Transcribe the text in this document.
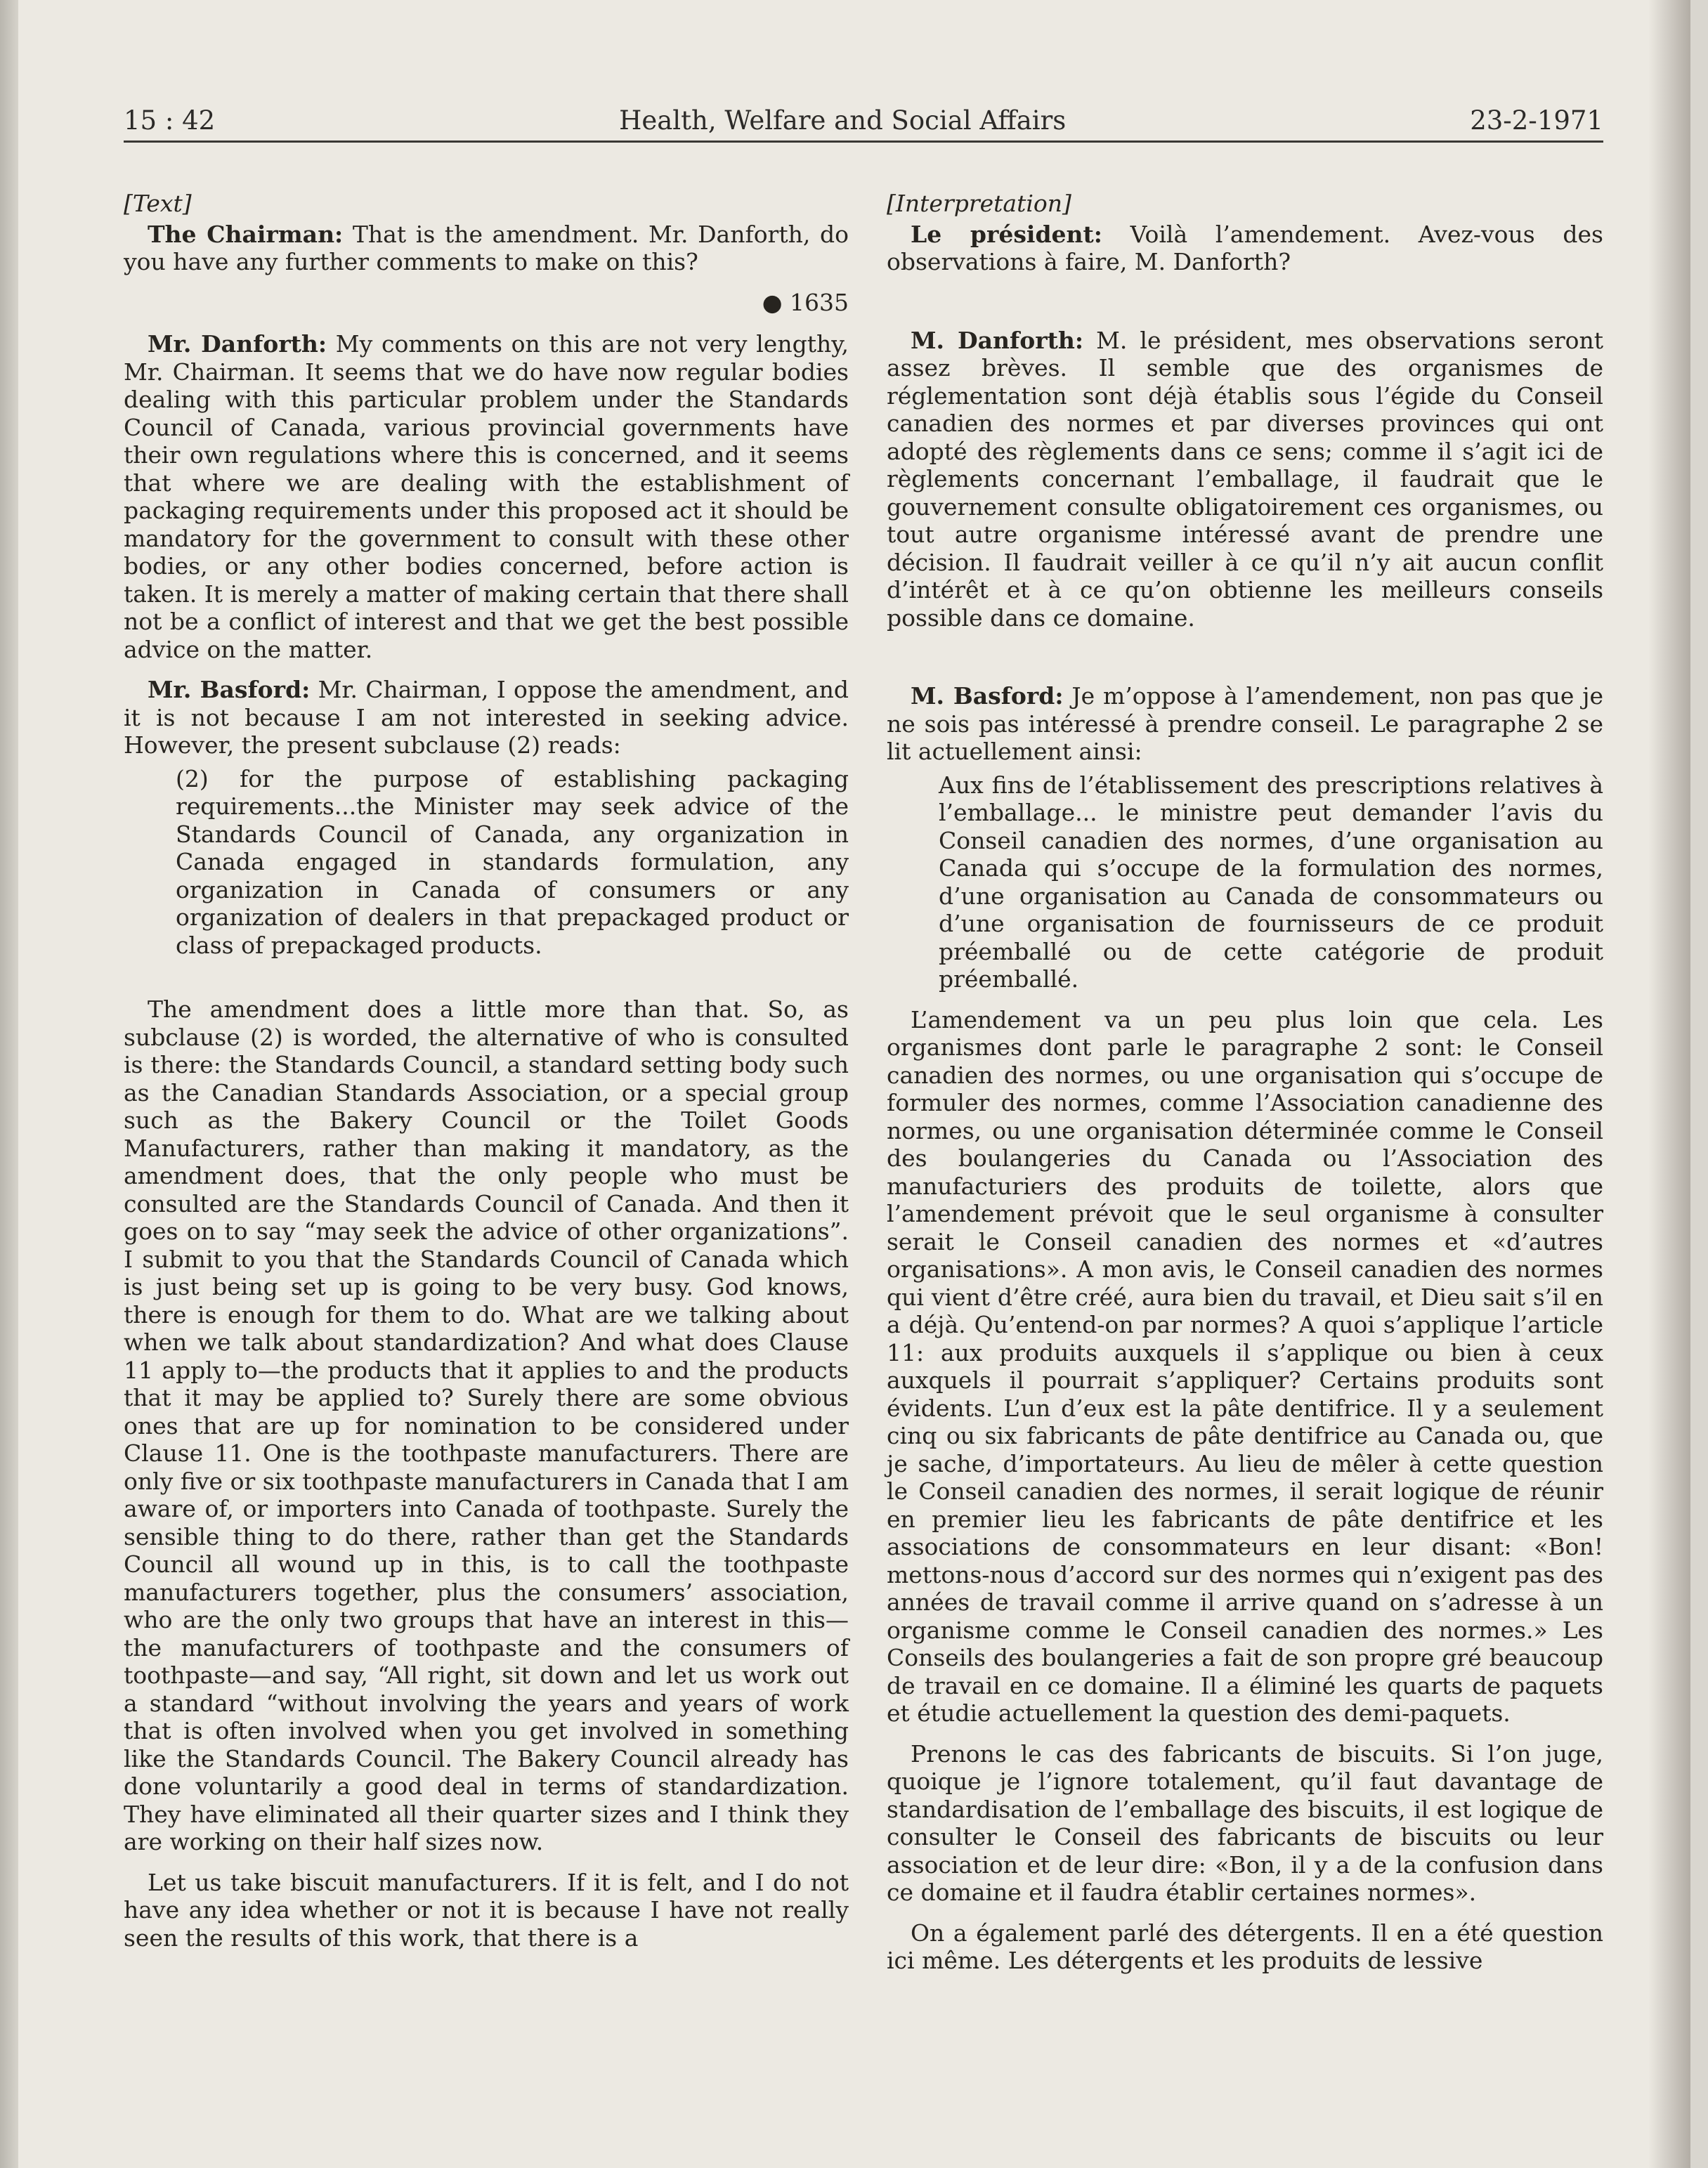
15 : 42	Health, Welfare and Social Affairs	23-2-1971
[Text]

The Chairman: That is the amendment. Mr. Danforth, do you have any further comments to make on this?

● 1635

Mr. Danforth: My comments on this are not very lengthy, Mr. Chairman. It seems that we do have now regular bodies dealing with this particular problem under the Standards Council of Canada, various provincial governments have their own regulations where this is concerned, and it seems that where we are dealing with the establishment of packaging requirements under this proposed act it should be mandatory for the government to consult with these other bodies, or any other bodies concerned, before action is taken. It is merely a matter of making certain that there shall not be a conflict of interest and that we get the best possible advice on the matter.

Mr. Basford: Mr. Chairman, I oppose the amendment, and it is not because I am not interested in seeking advice. However, the present subclause (2) reads:

(2) for the purpose of establishing packaging requirements...the Minister may seek advice of the Standards Council of Canada, any organization in Canada engaged in standards formulation, any organization in Canada of consumers or any organization of dealers in that prepackaged product or class of prepackaged products.

The amendment does a little more than that. So, as subclause (2) is worded, the alternative of who is consulted is there: the Standards Council, a standard setting body such as the Canadian Standards Association, or a special group such as the Bakery Council or the Toilet Goods Manufacturers, rather than making it mandatory, as the amendment does, that the only people who must be consulted are the Standards Council of Canada. And then it goes on to say “may seek the advice of other organizations”. I submit to you that the Standards Council of Canada which is just being set up is going to be very busy. God knows, there is enough for them to do. What are we talking about when we talk about standardization? And what does Clause 11 apply to—the products that it applies to and the products that it may be applied to? Surely there are some obvious ones that are up for nomination to be considered under Clause 11. One is the toothpaste manufacturers. There are only five or six toothpaste manufacturers in Canada that I am aware of, or importers into Canada of toothpaste. Surely the sensible thing to do there, rather than get the Standards Council all wound up in this, is to call the toothpaste manufacturers together, plus the consumers’ association, who are the only two groups that have an interest in this—the manufacturers of toothpaste and the consumers of toothpaste—and say, “All right, sit down and let us work out a standard “without involving the years and years of work that is often involved when you get involved in something like the Standards Council. The Bakery Council already has done voluntarily a good deal in terms of standardization. They have eliminated all their quarter sizes and I think they are working on their half sizes now.

Let us take biscuit manufacturers. If it is felt, and I do not have any idea whether or not it is because I have not really seen the results of this work, that there is a

[Interpretation]

Le président: Voilà l’amendement. Avez-vous des observations à faire, M. Danforth?

M. Danforth: M. le président, mes observations seront assez brèves. Il semble que des organismes de réglementation sont déjà établis sous l’égide du Conseil canadien des normes et par diverses provinces qui ont adopté des règlements dans ce sens; comme il s’agit ici de règlements concernant l’emballage, il faudrait que le gouvernement consulte obligatoirement ces organismes, ou tout autre organisme intéressé avant de prendre une décision. Il faudrait veiller à ce qu’il n’y ait aucun conflit d’intérêt et à ce qu’on obtienne les meilleurs conseils possible dans ce domaine.

M. Basford: Je m’oppose à l’amendement, non pas que je ne sois pas intéressé à prendre conseil. Le paragraphe 2 se lit actuellement ainsi:

Aux fins de l’établissement des prescriptions relatives à l’emballage... le ministre peut demander l’avis du Conseil canadien des normes, d’une organisation au Canada qui s’occupe de la formulation des normes, d’une organisation au Canada de consommateurs ou d’une organisation de fournisseurs de ce produit préemballé ou de cette catégorie de produit préemballé.

L’amendement va un peu plus loin que cela. Les organismes dont parle le paragraphe 2 sont: le Conseil canadien des normes, ou une organisation qui s’occupe de formuler des normes, comme l’Association canadienne des normes, ou une organisation déterminée comme le Conseil des boulangeries du Canada ou l’Association des manufacturiers des produits de toilette, alors que l’amendement prévoit que le seul organisme à consulter serait le Conseil canadien des normes et «d’autres organisations». A mon avis, le Conseil canadien des normes qui vient d’être créé, aura bien du travail, et Dieu sait s’il en a déjà. Qu’entend-on par normes? A quoi s’applique l’article 11: aux produits auxquels il s’applique ou bien à ceux auxquels il pourrait s’appliquer? Certains produits sont évidents. L’un d’eux est la pâte dentifrice. Il y a seulement cinq ou six fabricants de pâte dentifrice au Canada ou, que je sache, d’importateurs. Au lieu de mêler à cette question le Conseil canadien des normes, il serait logique de réunir en premier lieu les fabricants de pâte dentifrice et les associations de consommateurs en leur disant: «Bon! mettons-nous d’accord sur des normes qui n’exigent pas des années de travail comme il arrive quand on s’adresse à un organisme comme le Conseil canadien des normes.» Les Conseils des boulangeries a fait de son propre gré beaucoup de travail en ce domaine. Il a éliminé les quarts de paquets et étudie actuellement la question des demi-paquets.

Prenons le cas des fabricants de biscuits. Si l’on juge, quoique je l’ignore totalement, qu’il faut davantage de standardisation de l’emballage des biscuits, il est logique de consulter le Conseil des fabricants de biscuits ou leur association et de leur dire: «Bon, il y a de la confusion dans ce domaine et il faudra établir certaines normes».

On a également parlé des détergents. Il en a été question ici même. Les détergents et les produits de lessive
